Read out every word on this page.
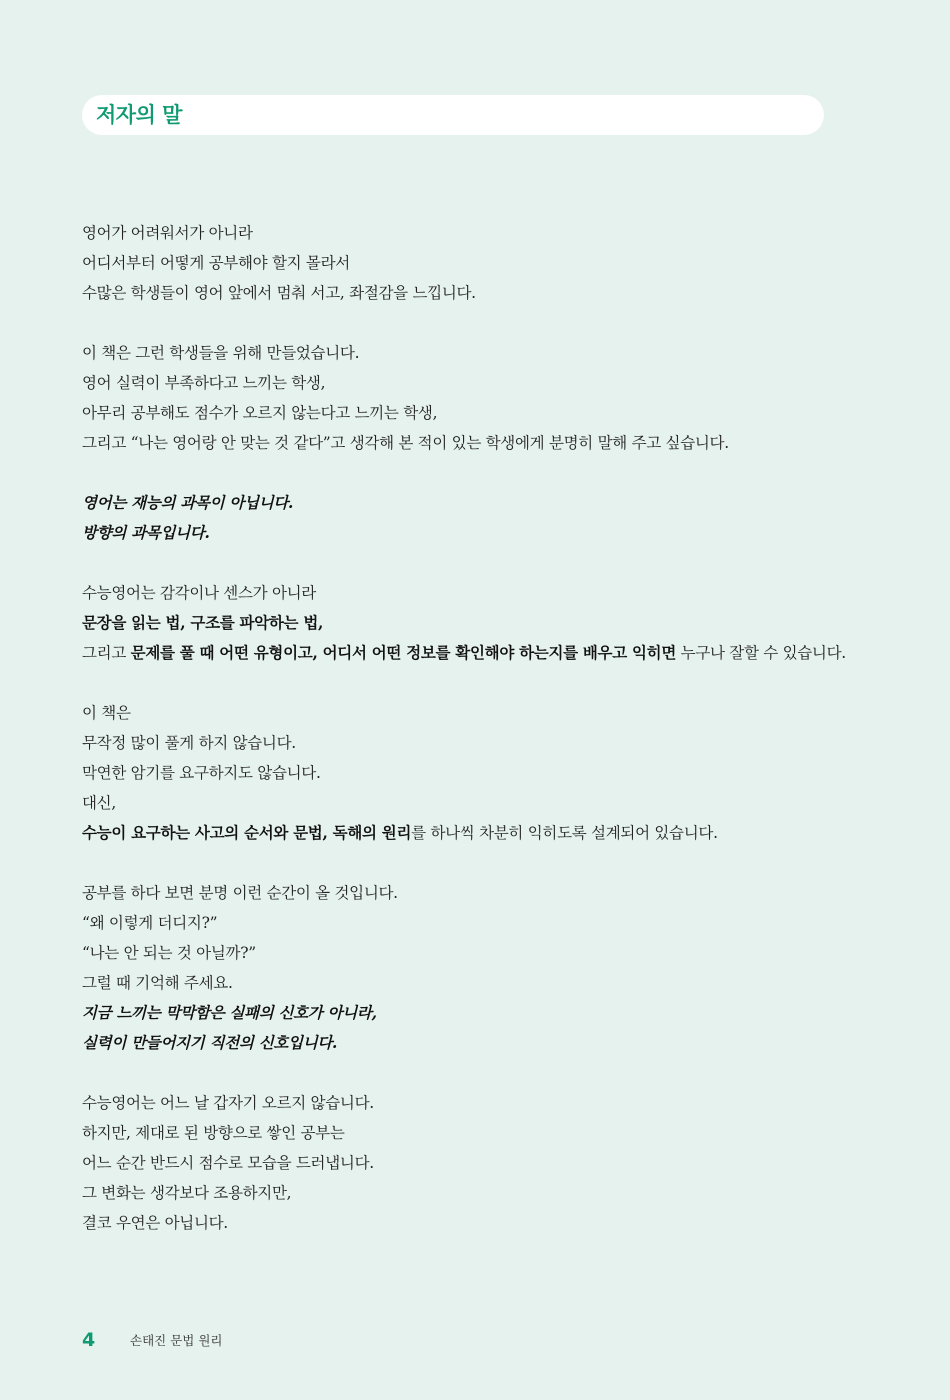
저자의 말
영어가 어려워서가 아니라
어디서부터 어떻게 공부해야 할지 몰라서
수많은 학생들이 영어 앞에서 멈춰 서고, 좌절감을 느낍니다.
이 책은 그런 학생들을 위해 만들었습니다.
영어 실력이 부족하다고 느끼는 학생,
아무리 공부해도 점수가 오르지 않는다고 느끼는 학생,
그리고 “나는 영어랑 안 맞는 것 같다”고 생각해 본 적이 있는 학생에게 분명히 말해 주고 싶습니다.
영어는 재능의 과목이 아닙니다.
방향의 과목입니다.
수능영어는 감각이나 센스가 아니라
문장을 읽는 법, 구조를 파악하는 법,
그리고 문제를 풀 때 어떤 유형이고, 어디서 어떤 정보를 확인해야 하는지를 배우고 익히면 누구나 잘할 수 있습니다.
이 책은
무작정 많이 풀게 하지 않습니다.
막연한 암기를 요구하지도 않습니다.
대신,
수능이 요구하는 사고의 순서와 문법, 독해의 원리를 하나씩 차분히 익히도록 설계되어 있습니다.
공부를 하다 보면 분명 이런 순간이 올 것입니다.
“왜 이렇게 더디지?”
“나는 안 되는 것 아닐까?”
그럴 때 기억해 주세요.
지금 느끼는 막막함은 실패의 신호가 아니라,
실력이 만들어지기 직전의 신호입니다.
수능영어는 어느 날 갑자기 오르지 않습니다.
하지만, 제대로 된 방향으로 쌓인 공부는
어느 순간 반드시 점수로 모습을 드러냅니다.
그 변화는 생각보다 조용하지만,
결코 우연은 아닙니다.
4	손태진 문법 원리
